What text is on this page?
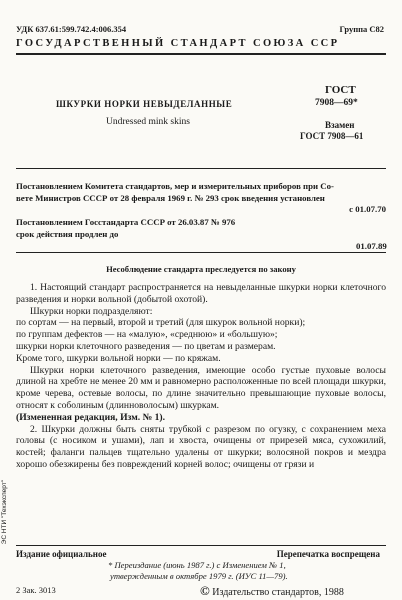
УДК 637.61:599.742.4:006.354	Группа С82
ГОСУДАРСТВЕННЫЙ СТАНДАРТ СОЮЗА ССР
ШКУРКИ НОРКИ НЕВЫДЕЛАННЫЕ
Undressed mink skins
ГОСТ
7908—69*
Взамен
ГОСТ 7908—61
Постановлением Комитета стандартов, мер и измерительных приборов при Со-
вете Министров СССР от 28 февраля 1969 г. № 293 срок введения установлен
с 01.07.70
Постановлением Госстандарта СССР от 26.03.87 № 976
срок действия продлен до
01.07.89
Несоблюдение стандарта преследуется по закону

1. Настоящий стандарт распространяется на невыделанные шкурки норки клеточного разведения и норки вольной (добытой охотой).

Шкурки норки подразделяют:

по сортам — на первый, второй и третий (для шкурок вольной норки);

по группам дефектов — на «малую», «среднюю» и «большую»;

шкурки норки клеточного разведения — по цветам и размерам.

Кроме того, шкурки вольной норки — по кряжам.

Шкурки норки клеточного разведения, имеющие особо густые пуховые волосы длиной на хребте не менее 20 мм и равномерно расположенные по всей площади шкурки, кроме черева, остевые волосы, по длине значительно превышающие пуховые волосы, относят к соболиным (длинноволосым) шкуркам.

(Измененная редакция, Изм. № 1).

2. Шкурки должны быть сняты трубкой с разрезом по огузку, с сохранением меха головы (с носиком и ушами), лап и хвоста, очищены от прирезей мяса, сухожилий, костей; фаланги пальцев тщательно удалены от шкурки; волосяной покров и мездра хорошо обезжирены без повреждений корней волос; очищены от грязи и

ЭС НТИ "Техэксперт"
Издание официальное	Перепечатка воспрещена
* Переиздание (июнь 1987 г.) с Изменением № 1,
утвержденным в октябре 1979 г. (ИУС 11—79).
© Издательство стандартов, 1988
2 Зак. 3013
